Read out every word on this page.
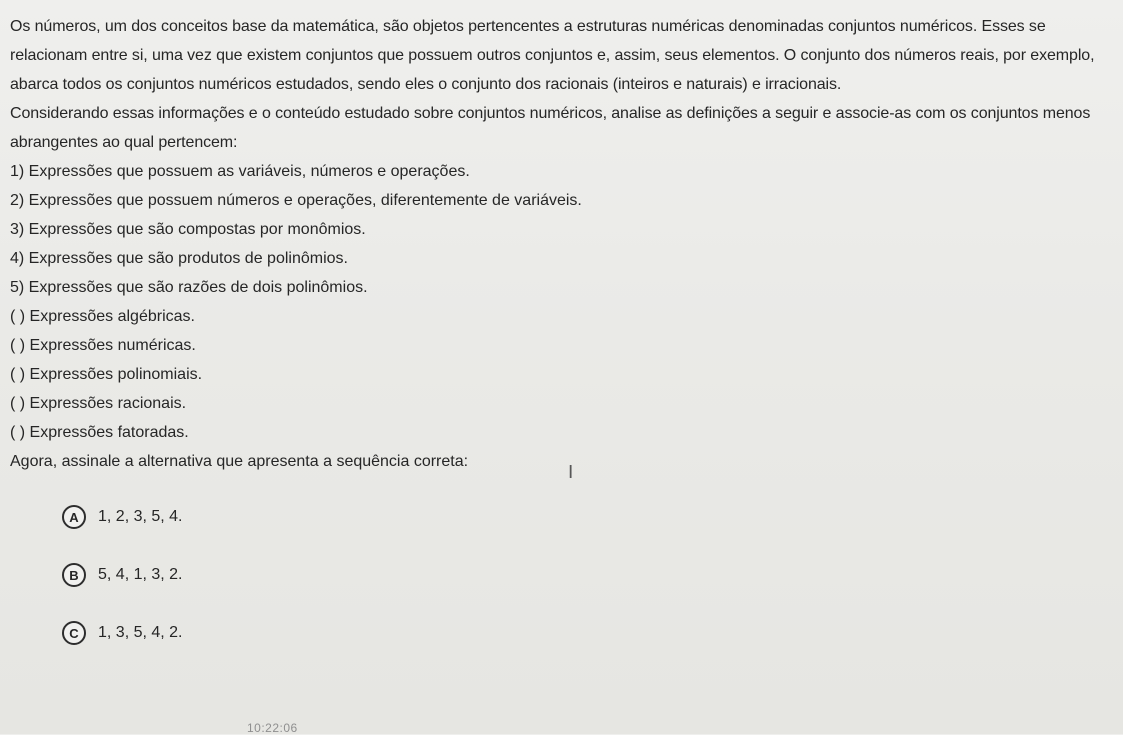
Os números, um dos conceitos base da matemática, são objetos pertencentes a estruturas numéricas denominadas conjuntos numéricos. Esses se relacionam entre si, uma vez que existem conjuntos que possuem outros conjuntos e, assim, seus elementos. O conjunto dos números reais, por exemplo, abarca todos os conjuntos numéricos estudados, sendo eles o conjunto dos racionais (inteiros e naturais) e irracionais.

Considerando essas informações e o conteúdo estudado sobre conjuntos numéricos, analise as definições a seguir e associe-as com os conjuntos menos abrangentes ao qual pertencem:

1) Expressões que possuem as variáveis, números e operações.

2) Expressões que possuem números e operações, diferentemente de variáveis.

3) Expressões que são compostas por monômios.

4) Expressões que são produtos de polinômios.

5) Expressões que são razões de dois polinômios.

( ) Expressões algébricas.

( ) Expressões numéricas.

( ) Expressões polinomiais.

( ) Expressões racionais.

( ) Expressões fatoradas.

Agora, assinale a alternativa que apresenta a sequência correta:

A	1, 2, 3, 5, 4.
B	5, 4, 1, 3, 2.
C	1, 3, 5, 4, 2.
I
10:22:06
